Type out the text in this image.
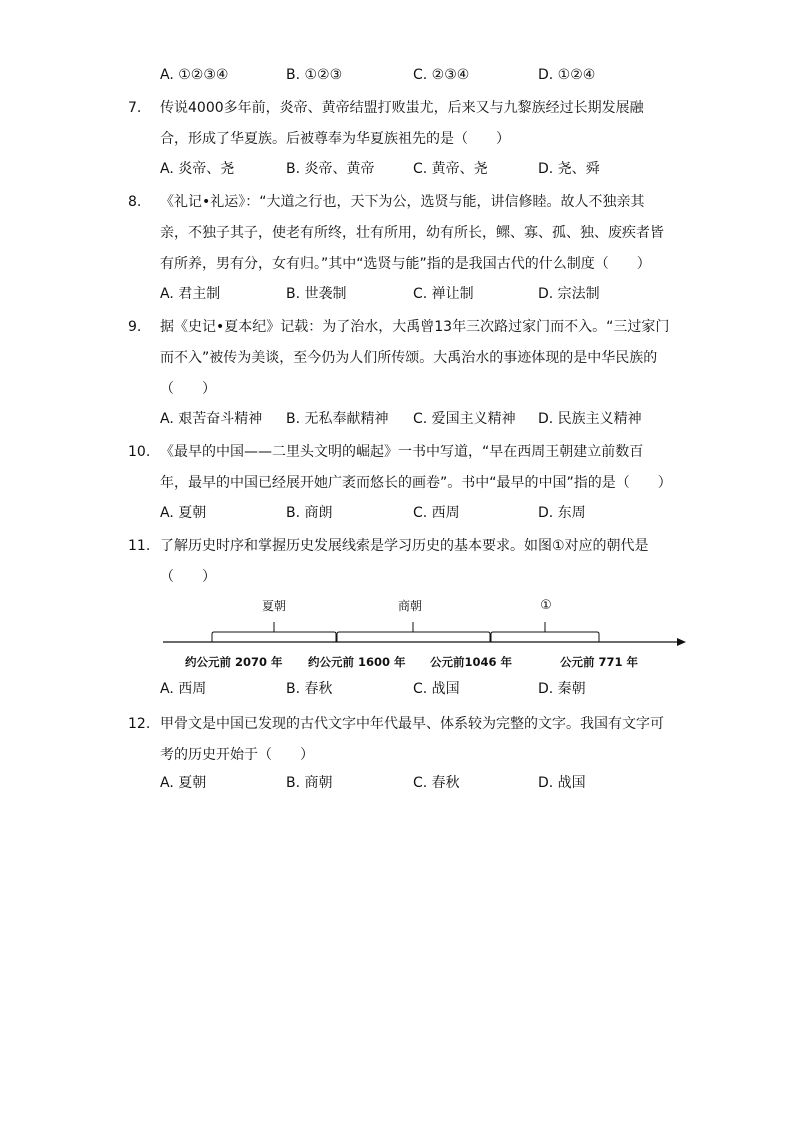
A. ①②③④	B. ①②③	C. ②③④	D. ①②④
7.	传说4000多年前，炎帝、黄帝结盟打败蚩尤，后来又与九黎族经过长期发展融合，形成了华夏族。后被尊奉为华夏族祖先的是（　　）
A. 炎帝、尧	B. 炎帝、黄帝	C. 黄帝、尧	D. 尧、舜
8.	《礼记•礼运》：“大道之行也，天下为公，选贤与能，讲信修睦。故人不独亲其亲，不独子其子，使老有所终，壮有所用，幼有所长，鳏、寡、孤、独、废疾者皆有所养，男有分，女有归。”其中“选贤与能”指的是我国古代的什么制度（　　）
A. 君主制	B. 世袭制	C. 禅让制	D. 宗法制
9.	据《史记•夏本纪》记载：为了治水，大禹曾13年三次路过家门而不入。“三过家门而不入”被传为美谈，至今仍为人们所传颂。大禹治水的事迹体现的是中华民族的（　　）
A. 艰苦奋斗精神 B. 无私奉献精神 C. 爱国主义精神 D. 民族主义精神
10. 《最早的中国——二里头文明的崛起》一书中写道，“早在西周王朝建立前数百年，最早的中国已经展开她广袤而悠长的画卷”。书中“最早的中国”指的是（　　）
A. 夏朝	B. 商朗	C. 西周	D. 东周
11. 了解历史时序和掌握历史发展线索是学习历史的基本要求。如图①对应的朝代是（　　）
夏朝	商朝	①
约公元前 2070 年 约公元前 1600 年 公元前1046 年	公元前 771 年
A. 西周	B. 春秋	C. 战国	D. 秦朝
12. 甲骨文是中国已发现的古代文字中年代最早、体系较为完整的文字。我国有文字可考的历史开始于（　　）
A. 夏朝	B. 商朝	C. 春秋	D. 战国
